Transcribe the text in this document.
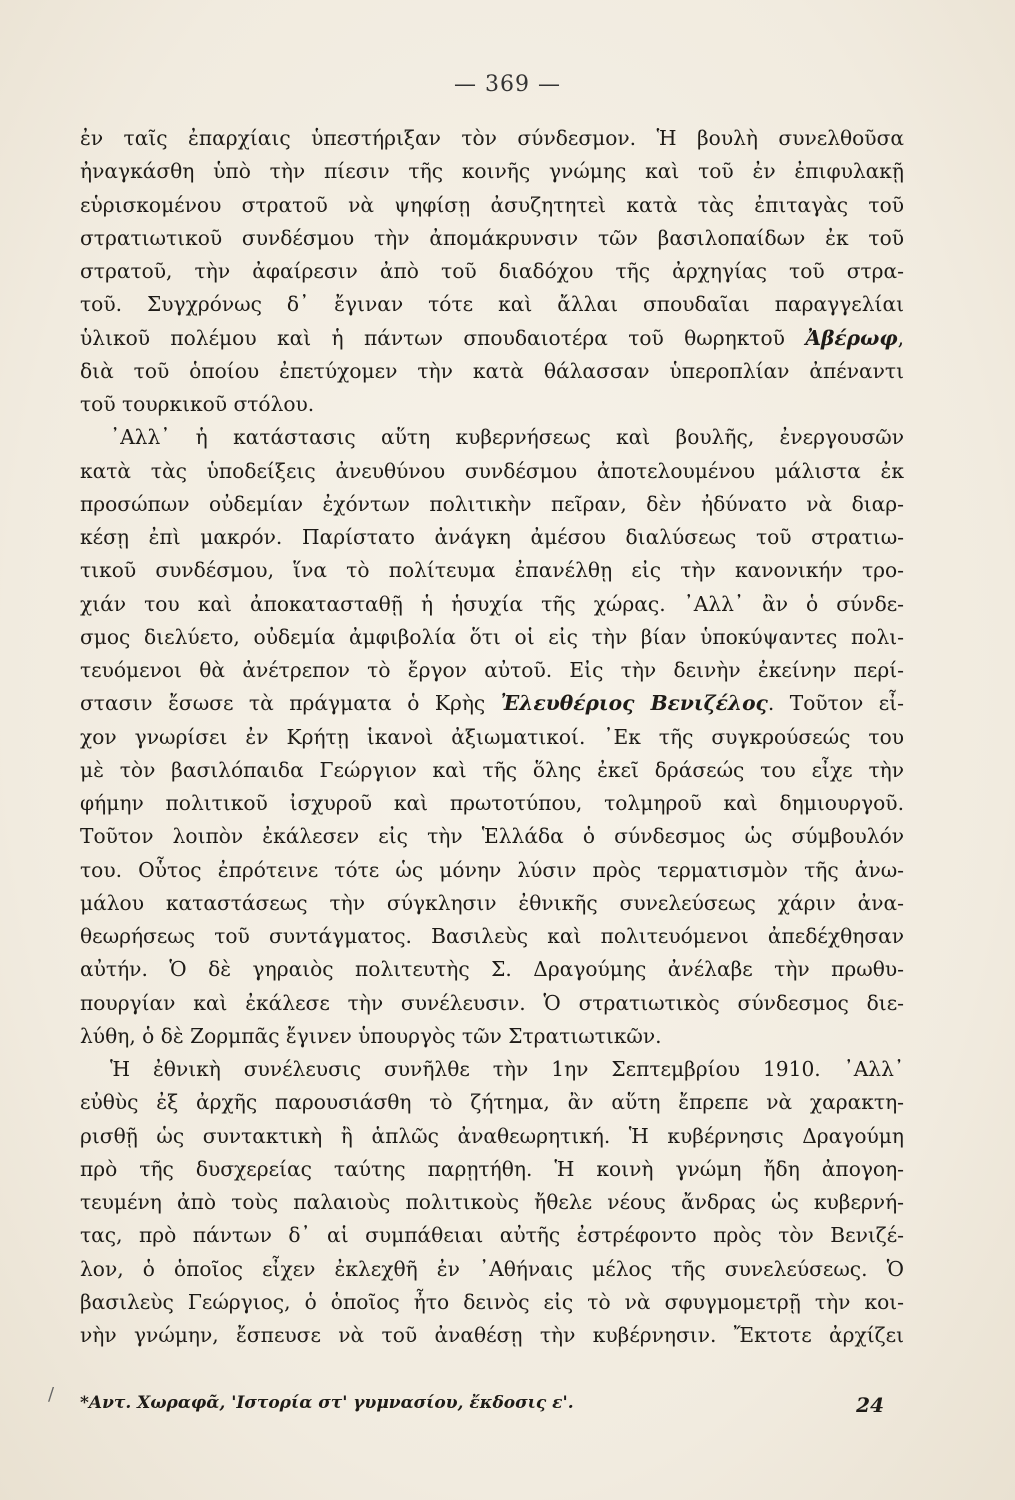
— 369 —
ἐν ταῖς ἐπαρχίαις ὑπεστήριξαν τὸν σύνδεσμον. Ἡ βουλὴ συνελθοῦσα
ἠναγκάσθη ὑπὸ τὴν πίεσιν τῆς κοινῆς γνώμης καὶ τοῦ ἐν ἐπιφυλακῇ
εὑρισκομένου στρατοῦ νὰ ψηφίσῃ ἀσυζητητεὶ κατὰ τὰς ἐπιταγὰς τοῦ
στρατιωτικοῦ συνδέσμου τὴν ἀπομάκρυνσιν τῶν βασιλοπαίδων ἐκ τοῦ
στρατοῦ, τὴν ἀφαίρεσιν ἀπὸ τοῦ διαδόχου τῆς ἀρχηγίας τοῦ στρα-
τοῦ. Συγχρόνως δ᾿ ἔγιναν τότε καὶ ἄλλαι σπουδαῖαι παραγγελίαι
ὑλικοῦ πολέμου καὶ ἡ πάντων σπουδαιοτέρα τοῦ θωρηκτοῦ Ἀβέρωφ,
διὰ τοῦ ὁποίου ἐπετύχομεν τὴν κατὰ θάλασσαν ὑπεροπλίαν ἀπέναντι
τοῦ τουρκικοῦ στόλου.
᾿Αλλ᾿ ἡ κατάστασις αὕτη κυβερνήσεως καὶ βουλῆς, ἐνεργουσῶν
κατὰ τὰς ὑποδείξεις ἀνευθύνου συνδέσμου ἀποτελουμένου μάλιστα ἐκ
προσώπων οὐδεμίαν ἐχόντων πολιτικὴν πεῖραν, δὲν ἠδύνατο νὰ διαρ-
κέσῃ ἐπὶ μακρόν. Παρίστατο ἀνάγκη ἀμέσου διαλύσεως τοῦ στρατιω-
τικοῦ συνδέσμου, ἵνα τὸ πολίτευμα ἐπανέλθῃ εἰς τὴν κανονικήν τρο-
χιάν του καὶ ἀποκατασταθῇ ἡ ἡσυχία τῆς χώρας. ᾿Αλλ᾿ ἂν ὁ σύνδε-
σμος διελύετο, οὐδεμία ἀμφιβολία ὅτι οἱ εἰς τὴν βίαν ὑποκύψαντες πολι-
τευόμενοι θὰ ἀνέτρεπον τὸ ἔργον αὐτοῦ. Εἰς τὴν δεινὴν ἐκείνην περί-
στασιν ἔσωσε τὰ πράγματα ὁ Κρὴς Ἐλευθέριος Βενιζέλος. Τοῦτον εἶ-
χον γνωρίσει ἐν Κρήτῃ ἱκανοὶ ἀξιωματικοί. ᾿Εκ τῆς συγκρούσεώς του
μὲ τὸν βασιλόπαιδα Γεώργιον καὶ τῆς ὅλης ἐκεῖ δράσεώς του εἶχε τὴν
φήμην πολιτικοῦ ἰσχυροῦ καὶ πρωτοτύπου, τολμηροῦ καὶ δημιουργοῦ.
Τοῦτον λοιπὸν ἐκάλεσεν εἰς τὴν Ἑλλάδα ὁ σύνδεσμος ὡς σύμβουλόν
του. Οὗτος ἐπρότεινε τότε ὡς μόνην λύσιν πρὸς τερματισμὸν τῆς ἀνω-
μάλου καταστάσεως τὴν σύγκλησιν ἐθνικῆς συνελεύσεως χάριν ἀνα-
θεωρήσεως τοῦ συντάγματος. Βασιλεὺς καὶ πολιτευόμενοι ἀπεδέχθησαν
αὐτήν. Ὁ δὲ γηραιὸς πολιτευτὴς Σ. Δραγούμης ἀνέλαβε τὴν πρωθυ-
πουργίαν καὶ ἐκάλεσε τὴν συνέλευσιν. Ὁ στρατιωτικὸς σύνδεσμος διε-
λύθη, ὁ δὲ Ζορμπᾶς ἔγινεν ὑπουργὸς τῶν Στρατιωτικῶν.
Ἡ ἐθνικὴ συνέλευσις συνῆλθε τὴν 1ην Σεπτεμβρίου 1910. ᾿Αλλ᾿
εὐθὺς ἐξ ἀρχῆς παρουσιάσθη τὸ ζήτημα, ἂν αὕτη ἔπρεπε νὰ χαρακτη-
ρισθῇ ὡς συντακτικὴ ἢ ἁπλῶς ἀναθεωρητική. Ἡ κυβέρνησις Δραγούμη
πρὸ τῆς δυσχερείας ταύτης παρῃτήθη. Ἡ κοινὴ γνώμη ἤδη ἀπογοη-
τευμένη ἀπὸ τοὺς παλαιοὺς πολιτικοὺς ἤθελε νέους ἄνδρας ὡς κυβερνή-
τας, πρὸ πάντων δ᾿ αἱ συμπάθειαι αὐτῆς ἐστρέφοντο πρὸς τὸν Βενιζέ-
λον, ὁ ὁποῖος εἶχεν ἐκλεχθῆ ἐν ᾿Αθήναις μέλος τῆς συνελεύσεως. Ὁ
βασιλεὺς Γεώργιος, ὁ ὁποῖος ἦτο δεινὸς εἰς τὸ νὰ σφυγμομετρῇ τὴν κοι-
νὴν γνώμην, ἔσπευσε νὰ τοῦ ἀναθέσῃ τὴν κυβέρνησιν. Ἔκτοτε ἀρχίζει
/ *Αντ. Χωραφᾶ, 'Ιστορία στ' γυμνασίου, ἔκδοσις ε'.	24
